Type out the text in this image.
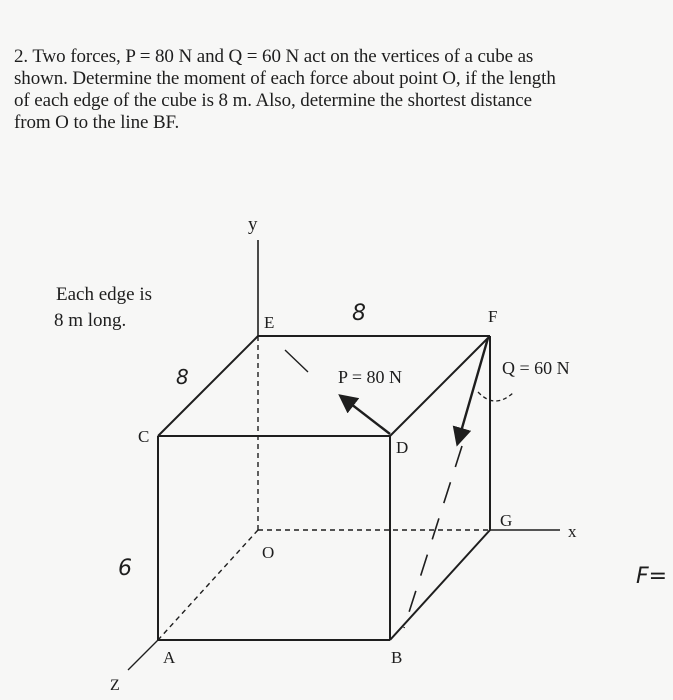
2. Two forces, P = 80 N and Q = 60 N act on the vertices of a cube as
shown. Determine the moment of each force about point O, if the length
of each edge of the cube is 8 m. Also, determine the shortest distance
from O to the line BF.
y
x
Z
E	F
C
D
G
O
A	B
P = 80 N	Q = 60 N
Each edge is
8 m long.	8
8
6	F=
